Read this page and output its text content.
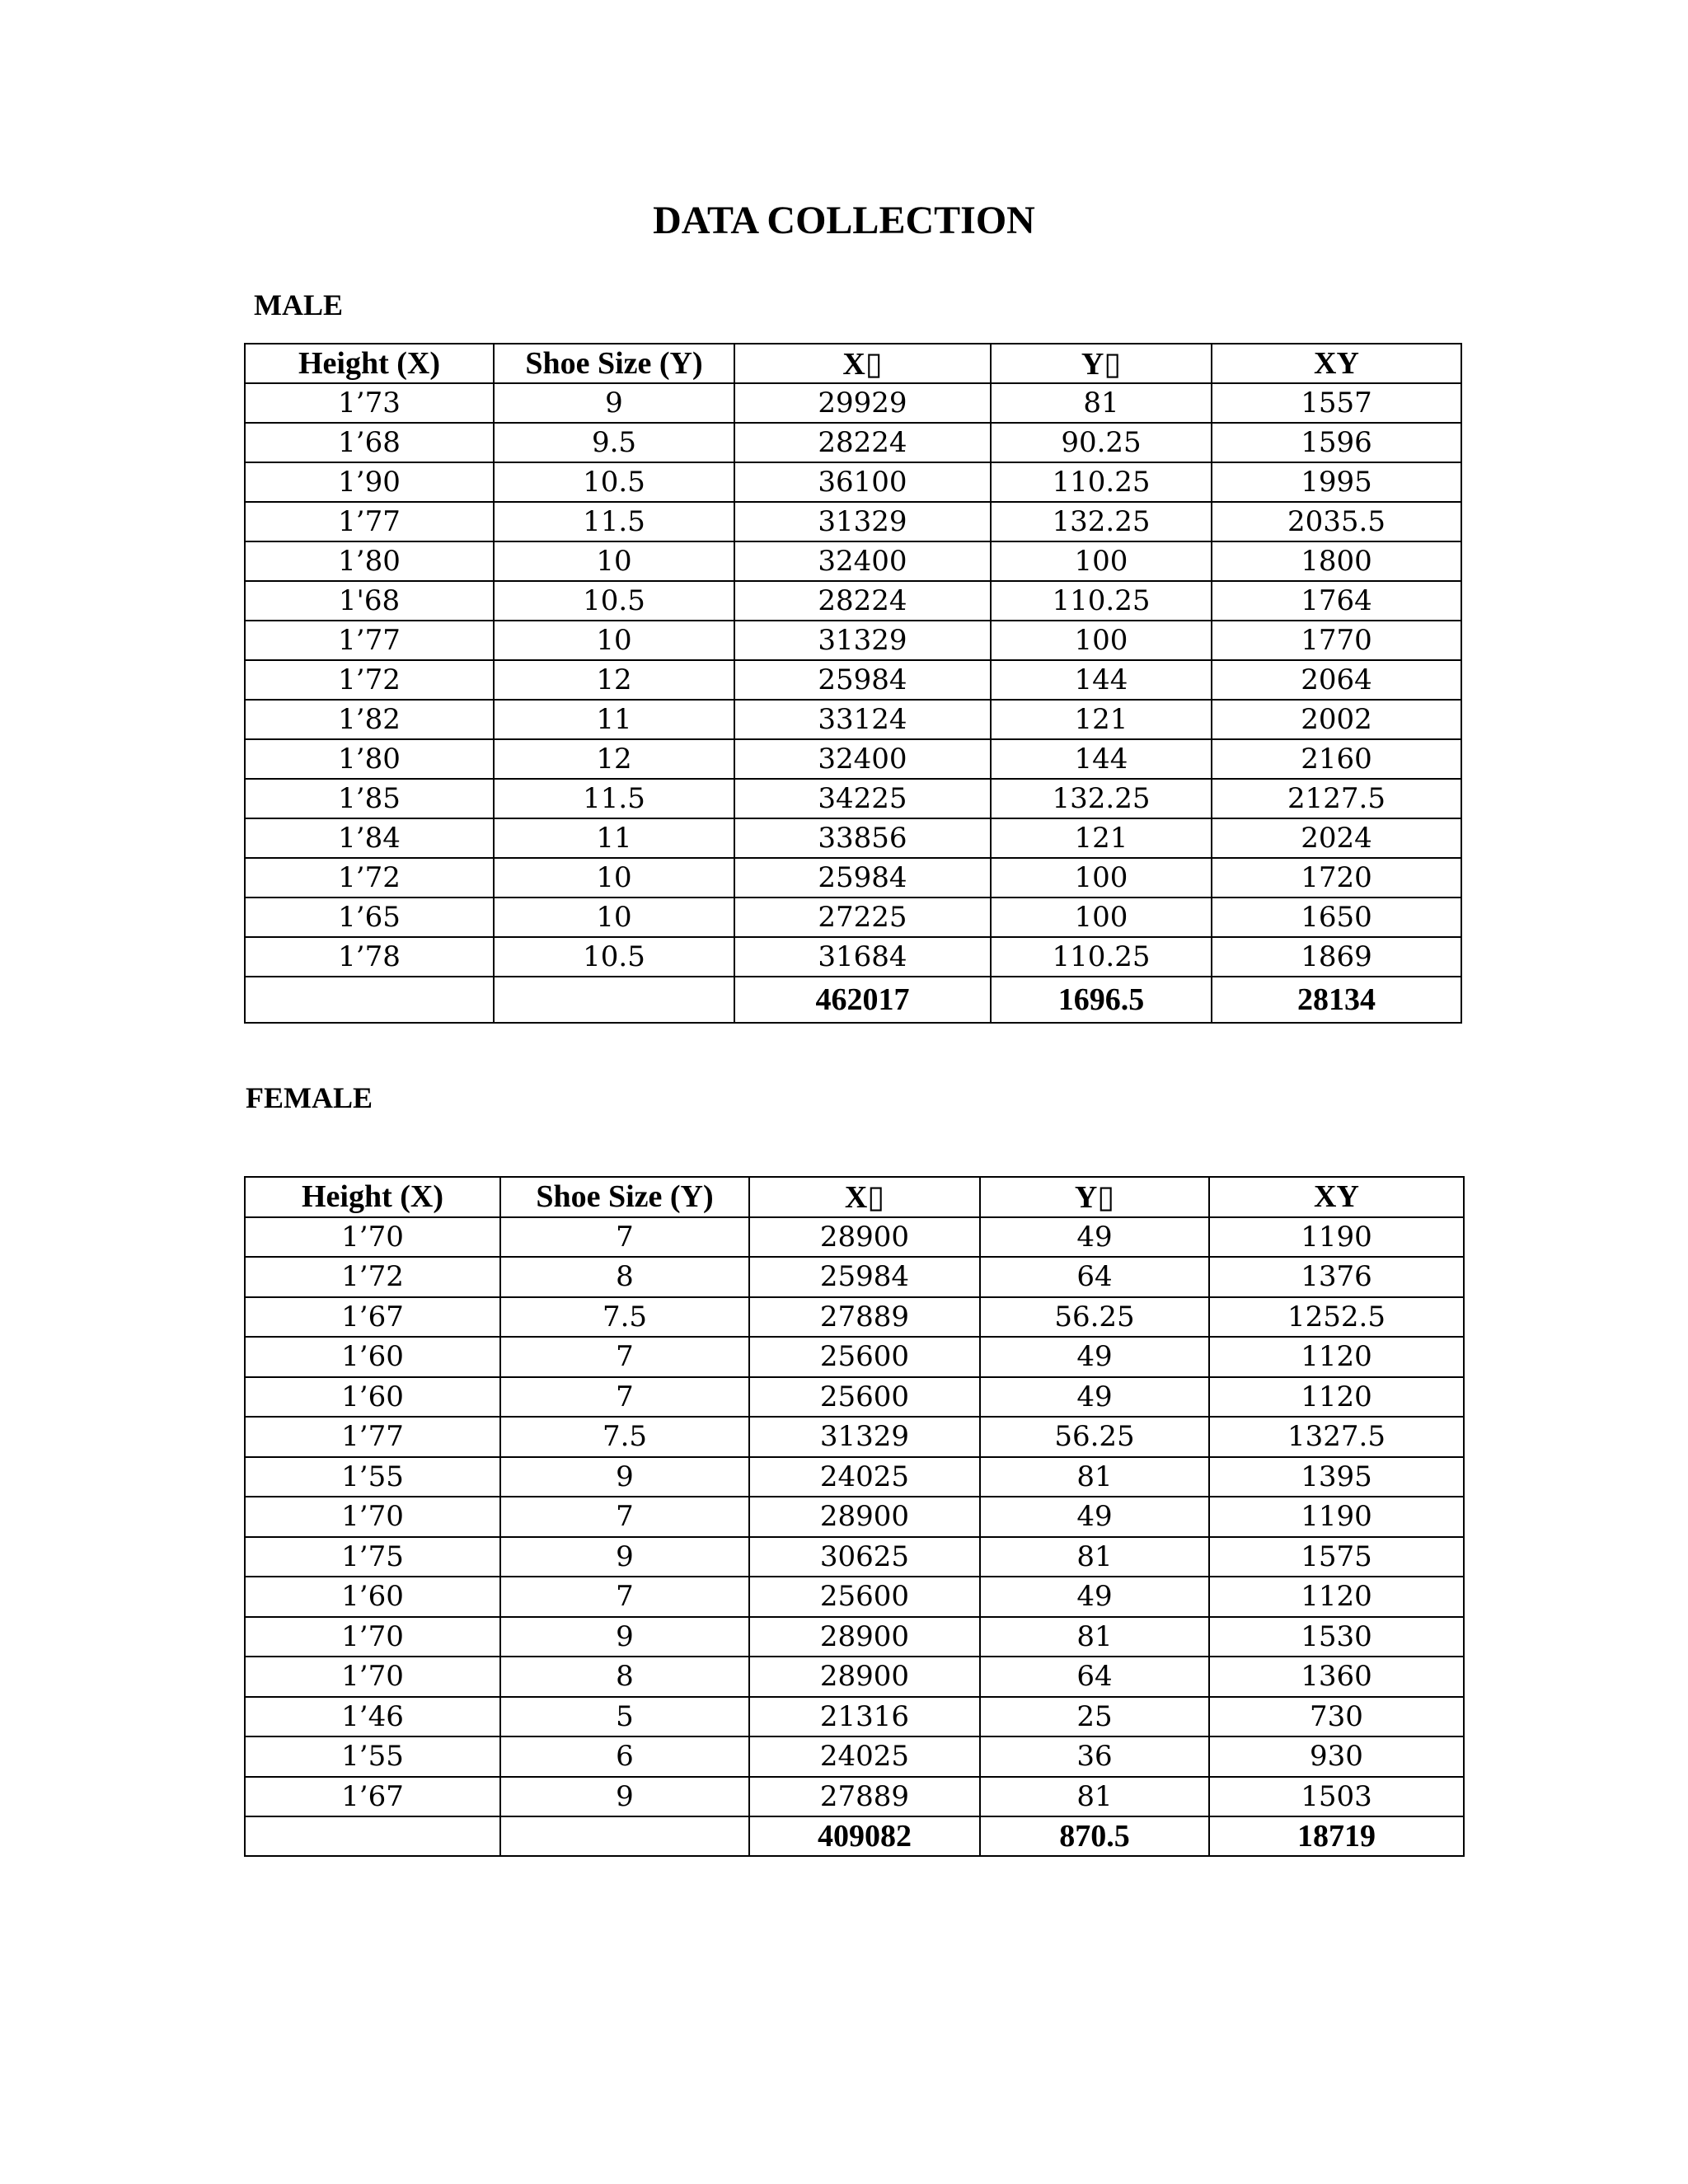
DATA COLLECTION
MALE
Height (X)	Shoe Size (Y)	X▯	Y▯	XY
1’73	9	29929	81	1557
1’68	9.5	28224	90.25	1596
1’90	10.5	36100	110.25	1995
1’77	11.5	31329	132.25	2035.5
1’80	10	32400	100	1800
1'68	10.5	28224	110.25	1764
1’77	10	31329	100	1770
1’72	12	25984	144	2064
1’82	11	33124	121	2002
1’80	12	32400	144	2160
1’85	11.5	34225	132.25	2127.5
1’84	11	33856	121	2024
1’72	10	25984	100	1720
1’65	10	27225	100	1650
1’78	10.5	31684	110.25	1869
		462017	1696.5	28134
FEMALE
Height (X)	Shoe Size (Y)	X▯	Y▯	XY
1’70	7	28900	49	1190
1’72	8	25984	64	1376
1’67	7.5	27889	56.25	1252.5
1’60	7	25600	49	1120
1’60	7	25600	49	1120
1’77	7.5	31329	56.25	1327.5
1’55	9	24025	81	1395
1’70	7	28900	49	1190
1’75	9	30625	81	1575
1’60	7	25600	49	1120
1’70	9	28900	81	1530
1’70	8	28900	64	1360
1’46	5	21316	25	730
1’55	6	24025	36	930
1’67	9	27889	81	1503
		409082	870.5	18719
